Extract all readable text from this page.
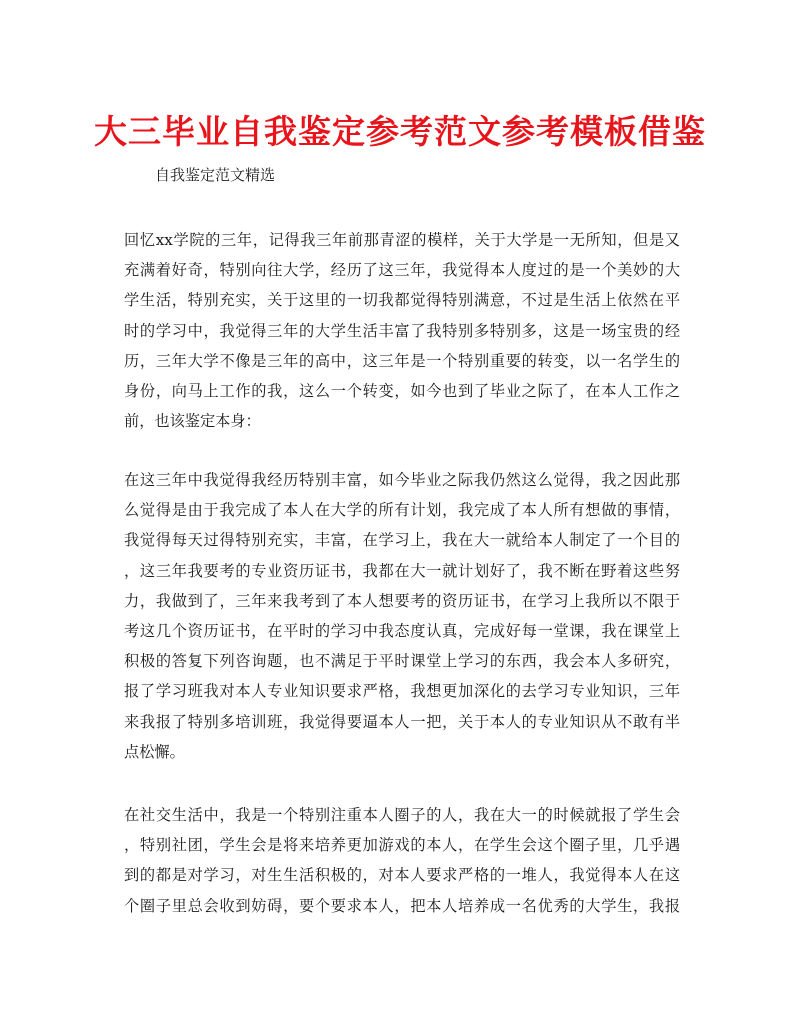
大三毕业自我鉴定参考范文参考模板借鉴
自我鉴定范文精选
回忆xx学院的三年，记得我三年前那青涩的模样，关于大学是一无所知，但是又
充满着好奇，特别向往大学，经历了这三年，我觉得本人度过的是一个美妙的大
学生活，特别充实，关于这里的一切我都觉得特别满意，不过是生活上依然在平
时的学习中，我觉得三年的大学生活丰富了我特别多特别多，这是一场宝贵的经
历，三年大学不像是三年的高中，这三年是一个特别重要的转变，以一名学生的
身份，向马上工作的我，这么一个转变，如今也到了毕业之际了，在本人工作之
前，也该鉴定本身：
在这三年中我觉得我经历特别丰富，如今毕业之际我仍然这么觉得，我之因此那
么觉得是由于我完成了本人在大学的所有计划，我完成了本人所有想做的事情，
我觉得每天过得特别充实，丰富，在学习上，我在大一就给本人制定了一个目的
，这三年我要考的专业资历证书，我都在大一就计划好了，我不断在野着这些努
力，我做到了，三年来我考到了本人想要考的资历证书，在学习上我所以不限于
考这几个资历证书，在平时的学习中我态度认真，完成好每一堂课，我在课堂上
积极的答复下列咨询题，也不满足于平时课堂上学习的东西，我会本人多研究，
报了学习班我对本人专业知识要求严格，我想更加深化的去学习专业知识，三年
来我报了特别多培训班，我觉得要逼本人一把，关于本人的专业知识从不敢有半
点松懈。
在社交生活中，我是一个特别注重本人圈子的人，我在大一的时候就报了学生会
，特别社团，学生会是将来培养更加游戏的本人，在学生会这个圈子里，几乎遇
到的都是对学习，对生生活积极的，对本人要求严格的一堆人，我觉得本人在这
个圈子里总会收到妨碍，要个要求本人，把本人培养成一名优秀的大学生，我报
